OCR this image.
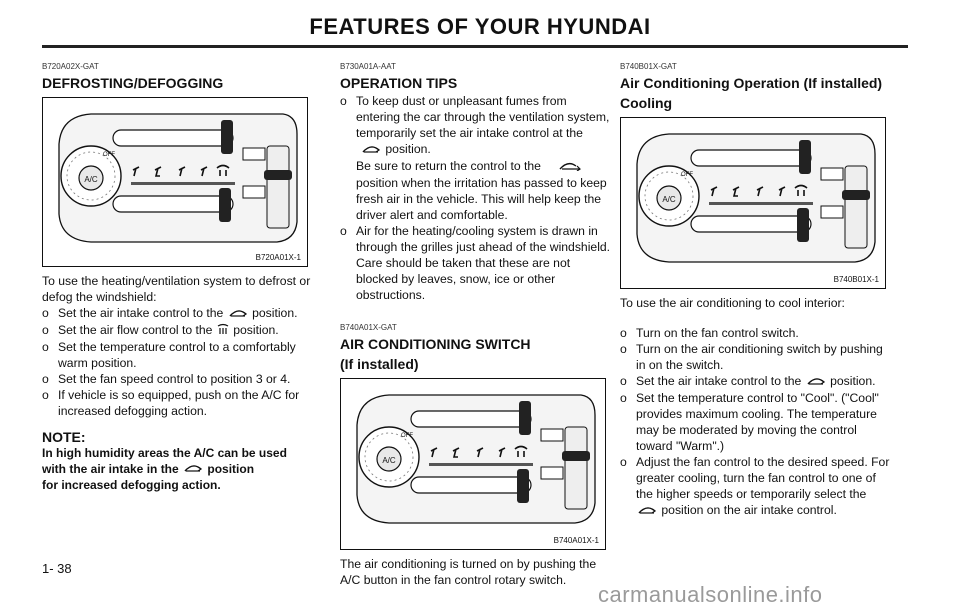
FEATURES OF YOUR HYUNDAI

B720A02X-GAT

DEFROSTING/DEFOGGING

A/C
OFF
B720A01X-1

To use the heating/ventilation system to defrost or defog the windshield:

o Set the air intake control to the position.
o Set the air flow control to the position.
o Set the temperature control to a comfortably warm position.
o Set the fan speed control to position 3 or 4.
o If vehicle is so equipped, push on the A/C for increased defogging action.

NOTE:

In high humidity areas the A/C can be used

with the air intake in the position

for increased defogging action.

B730A01A-AAT

OPERATION TIPS

o To keep dust or unpleasant fumes from entering the car through the ventilation system, temporarily set the air intake control at the
position.
Be sure to return the control to the
position when the irritation has passed to keep fresh air in the vehicle. This will help keep the driver alert and comfortable.
o Air for the heating/cooling system is drawn in through the grilles just ahead of the windshield. Care should be taken that these are not blocked by leaves, snow, ice or other obstructions.

B740A01X-GAT

AIR CONDITIONING SWITCH

(If installed)

A/C
OFF
B740A01X-1

The air conditioning is turned on by pushing the A/C button in the fan control rotary switch.

B740B01X-GAT

Air Conditioning Operation (If installed)

Cooling

A/C
OFF
B740B01X-1

To use the air conditioning to cool interior:

o Turn on the fan control switch.
o Turn on the air conditioning switch by pushing in on the switch.
o Set the air intake control to the position.
o Set the temperature control to "Cool". ("Cool" provides maximum cooling. The temperature may be moderated by moving the control toward "Warm".)
o Adjust the fan control to the desired speed. For greater cooling, turn the fan control to one of the higher speeds or temporarily select the
position on the air intake control.
1- 38
carmanualsonline.info
